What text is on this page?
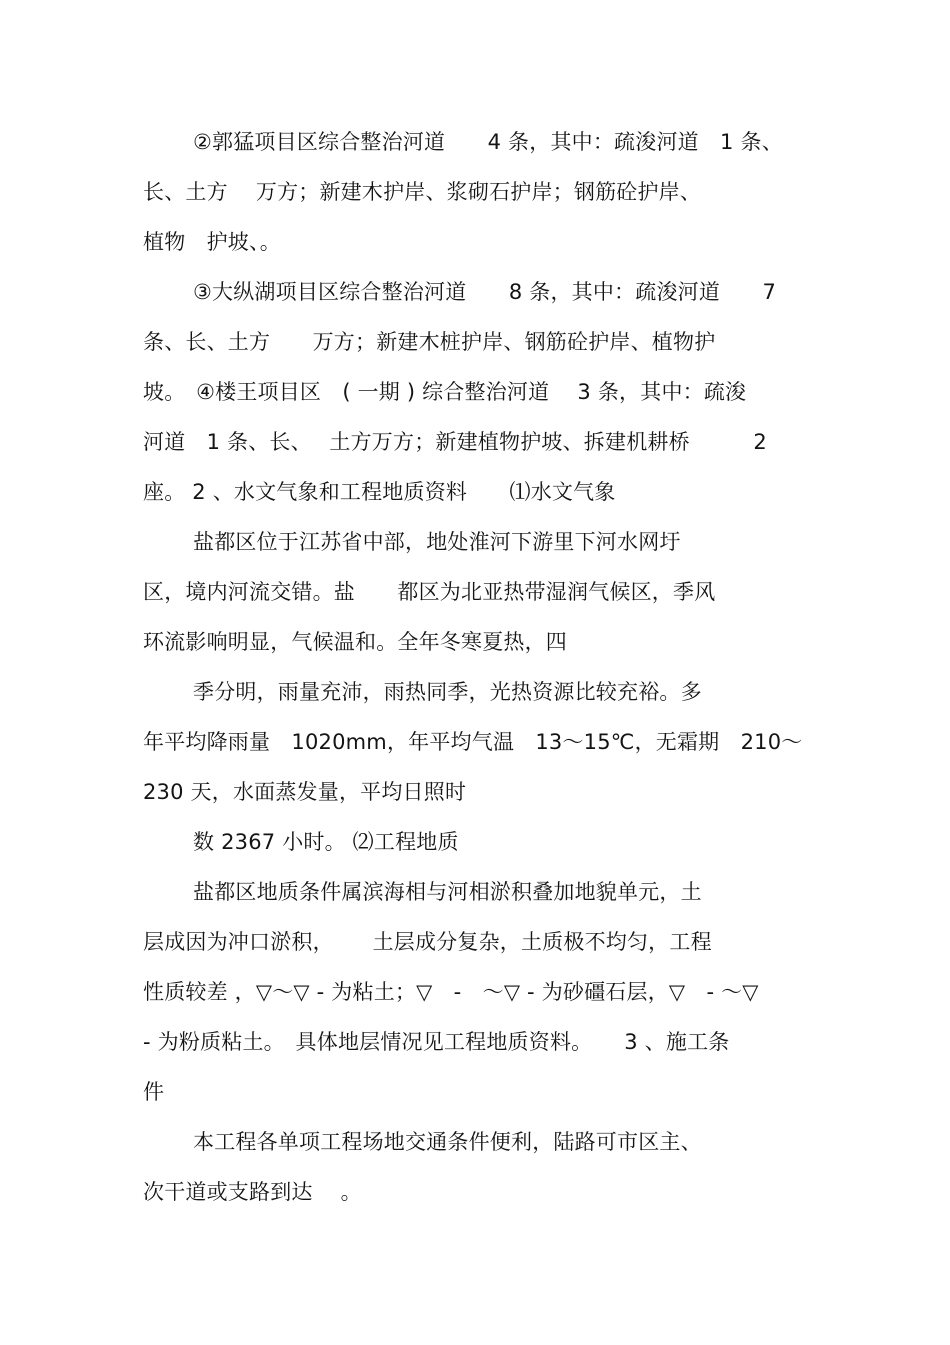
②郭猛项目区综合整治河道　　4 条，其中：疏浚河道　1 条、
长、土方　 万方；新建木护岸、浆砌石护岸；钢筋砼护岸、
植物　护坡、。
③大纵湖项目区综合整治河道　　8 条，其中：疏浚河道　　7
条、长、土方　　万方；新建木桩护岸、钢筋砼护岸、植物护
坡。　④楼王项目区　( 一期 ) 综合整治河道　 3 条，其中：疏浚
河道　1 条、长、　 土方万方；新建植物护坡、拆建机耕桥　　　2
座。 2 、水文气象和工程地质资料　　⑴水文气象
盐都区位于江苏省中部，地处淮河下游里下河水网圩
区，境内河流交错。盐　　都区为北亚热带湿润气候区，季风
环流影响明显，气候温和。全年冬寒夏热，四
季分明，雨量充沛，雨热同季，光热资源比较充裕。多
年平均降雨量　1020mm，年平均气温　13～15℃，无霜期　210～
230 天，水面蒸发量，平均日照时
数 2367 小时。 ⑵工程地质
盐都区地质条件属滨海相与河相淤积叠加地貌单元，土
层成因为冲口淤积，　　 土层成分复杂，土质极不均匀，工程
性质较差 ，▽～▽ - 为粘土；▽　-　～▽ - 为砂礓石层，▽　- ～▽
- 为粉质粘土。　具体地层情况见工程地质资料。　　3 、施工条
件
本工程各单项工程场地交通条件便利，陆路可市区主、
次干道或支路到达　 。
